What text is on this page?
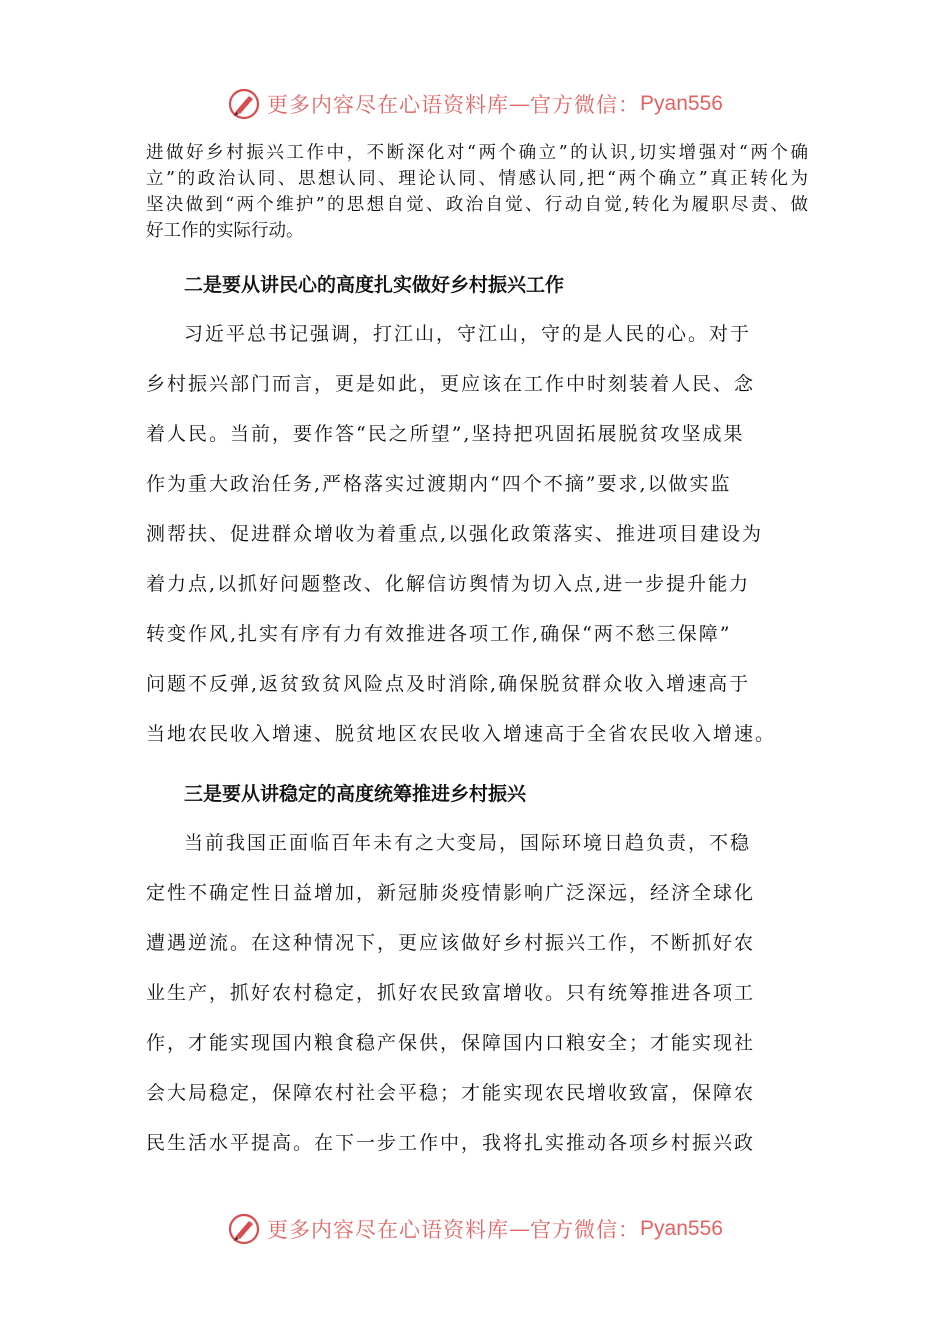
更多内容尽在心语资料库 — 官方微信： Pyan556
进做好乡村振兴工作中，不断深化对“两个确立”的认识,切实增强对“两个确
立”的政治认同、思想认同、理论认同、情感认同,把“两个确立”真正转化为
坚决做到“两个维护”的思想自觉、政治自觉、行动自觉,转化为履职尽责、做
好工作的实际行动。
二是要从讲民心的高度扎实做好乡村振兴工作
习近平总书记强调，打江山，守江山，守的是人民的心。对于
乡村振兴部门而言，更是如此，更应该在工作中时刻装着人民、念
着人民。当前，要作答“民之所望”,坚持把巩固拓展脱贫攻坚成果
作为重大政治任务,严格落实过渡期内“四个不摘”要求,以做实监
测帮扶、促进群众增收为着重点,以强化政策落实、推进项目建设为
着力点,以抓好问题整改、化解信访舆情为切入点,进一步提升能力
转变作风,扎实有序有力有效推进各项工作,确保“两不愁三保障”
问题不反弹,返贫致贫风险点及时消除,确保脱贫群众收入增速高于
当地农民收入增速、脱贫地区农民收入增速高于全省农民收入增速。
三是要从讲稳定的高度统筹推进乡村振兴
当前我国正面临百年未有之大变局，国际环境日趋负责，不稳
定性不确定性日益增加，新冠肺炎疫情影响广泛深远，经济全球化
遭遇逆流。在这种情况下，更应该做好乡村振兴工作，不断抓好农
业生产，抓好农村稳定，抓好农民致富增收。只有统筹推进各项工
作，才能实现国内粮食稳产保供，保障国内口粮安全；才能实现社
会大局稳定，保障农村社会平稳；才能实现农民增收致富，保障农
民生活水平提高。在下一步工作中，我将扎实推动各项乡村振兴政
更多内容尽在心语资料库 — 官方微信： Pyan556
